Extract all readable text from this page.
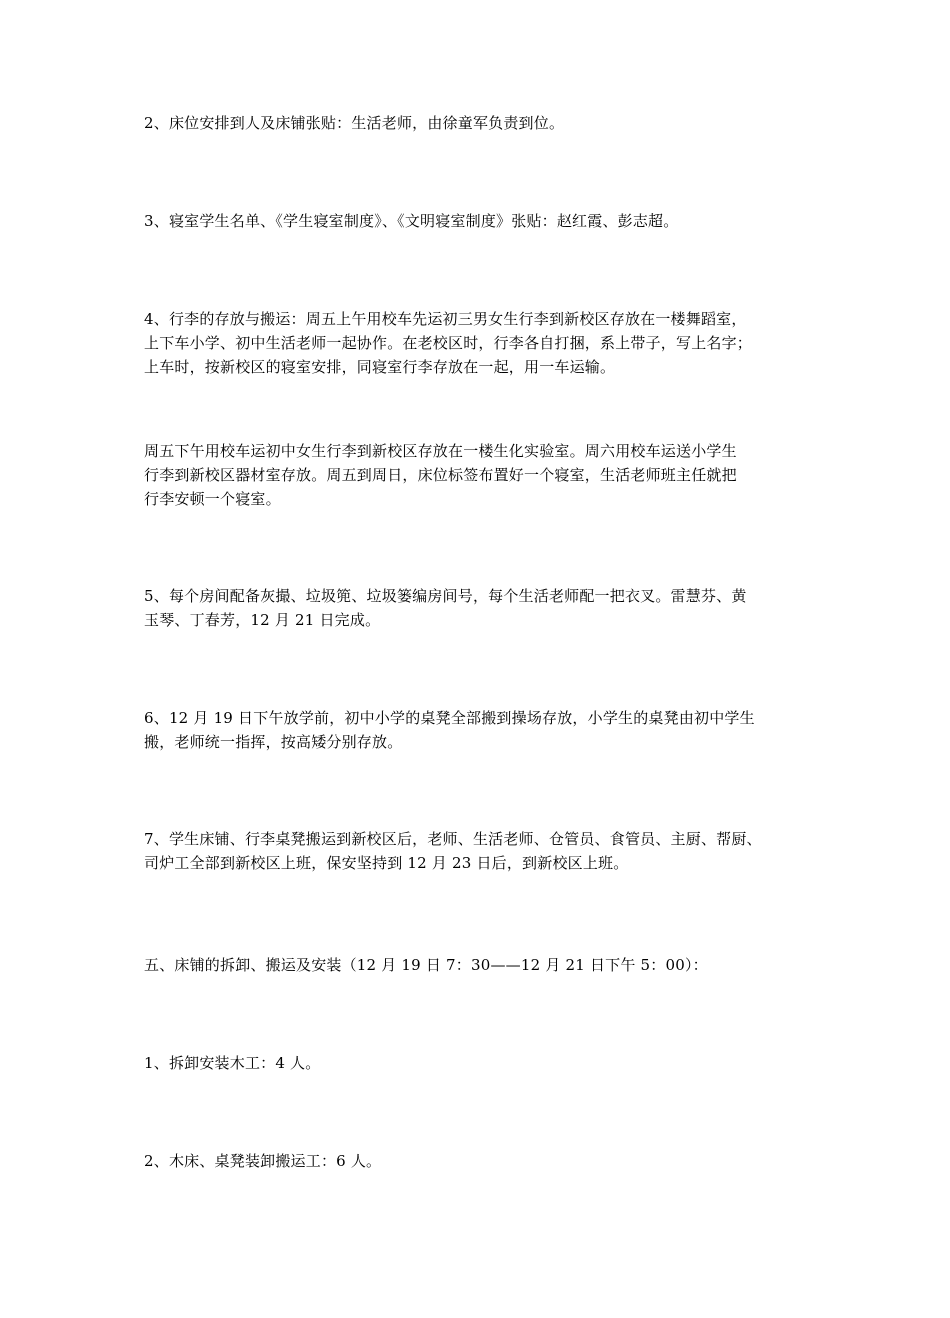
2、床位安排到人及床铺张贴：生活老师，由徐童军负责到位。

3、寝室学生名单、《学生寝室制度》、《文明寝室制度》张贴：赵红霞、彭志超。

4、行李的存放与搬运：周五上午用校车先运初三男女生行李到新校区存放在一楼舞蹈室，
上下车小学、初中生活老师一起协作。在老校区时，行李各自打捆，系上带子，写上名字；
上车时，按新校区的寝室安排，同寝室行李存放在一起，用一车运输。

周五下午用校车运初中女生行李到新校区存放在一楼生化实验室。周六用校车运送小学生
行李到新校区器材室存放。周五到周日，床位标签布置好一个寝室，生活老师班主任就把
行李安顿一个寝室。

5、每个房间配备灰撮、垃圾篼、垃圾篓编房间号，每个生活老师配一把衣叉。雷慧芬、黄
玉琴、丁春芳，12 月 21 日完成。

6、12 月 19 日下午放学前，初中小学的桌凳全部搬到操场存放，小学生的桌凳由初中学生
搬，老师统一指挥，按高矮分别存放。

7、学生床铺、行李桌凳搬运到新校区后，老师、生活老师、仓管员、食管员、主厨、帮厨、
司炉工全部到新校区上班，保安坚持到 12 月 23 日后，到新校区上班。

五、床铺的拆卸、搬运及安装（12 月 19 日 7：30——12 月 21 日下午 5：00）：

1、拆卸安装木工：4 人。

2、木床、桌凳装卸搬运工：6 人。
